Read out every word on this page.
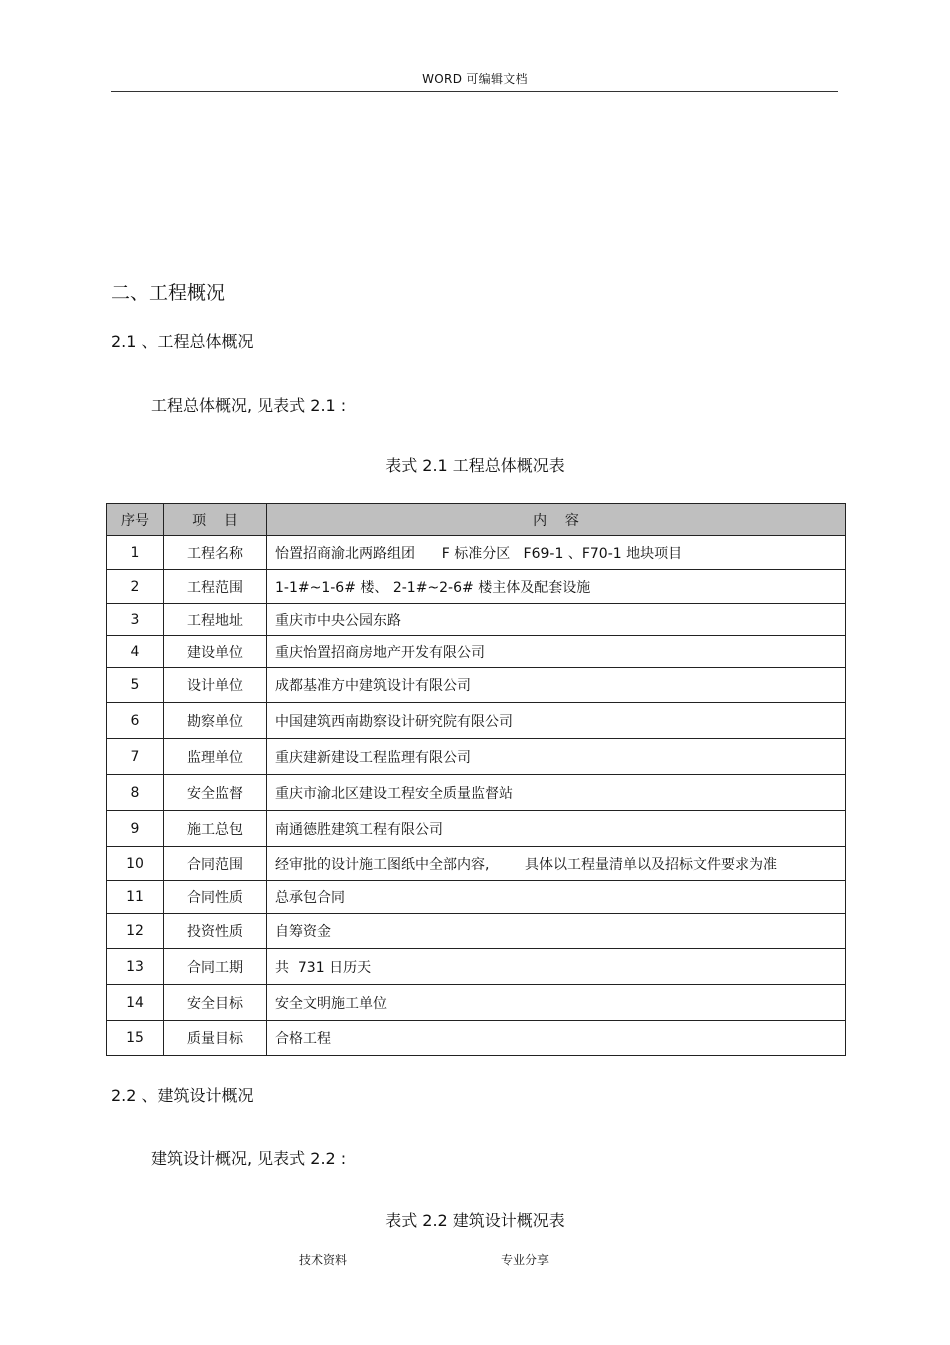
WORD 可编辑文档
二、工程概况
2.1 、工程总体概况
工程总体概况, 见表式 2.1 :
表式 2.1 工程总体概况表
序号	项    目	内    容
1	工程名称	怡置招商渝北两路组团      F 标准分区   F69-1 、F70-1 地块项目
2	工程范围	1-1#~1-6# 楼、 2-1#~2-6# 楼主体及配套设施
3	工程地址	重庆市中央公园东路
4	建设单位	重庆怡置招商房地产开发有限公司
5	设计单位	成都基准方中建筑设计有限公司
6	勘察单位	中国建筑西南勘察设计研究院有限公司
7	监理单位	重庆建新建设工程监理有限公司
8	安全监督	重庆市渝北区建设工程安全质量监督站
9	施工总包	南通德胜建筑工程有限公司
10	合同范围	经审批的设计施工图纸中全部内容,        具体以工程量清单以及招标文件要求为准
11	合同性质	总承包合同
12	投资性质	自筹资金
13	合同工期	共  731 日历天
14	安全目标	安全文明施工单位
15	质量目标	合格工程
2.2 、建筑设计概况
建筑设计概况, 见表式 2.2 :
表式 2.2 建筑设计概况表
技术资料	专业分享
